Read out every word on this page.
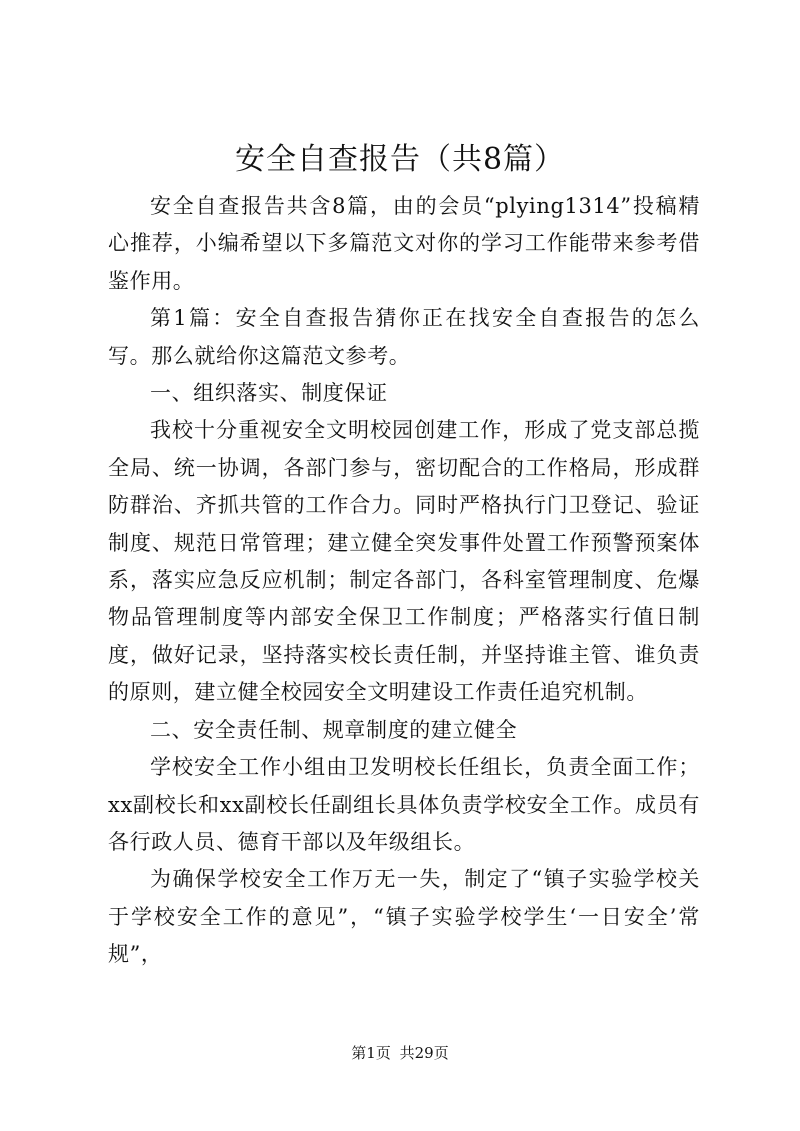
安全自查报告（共8篇）

安全自查报告共含8篇，由的会员“plying1314”投稿精心推荐，小编希望以下多篇范文对你的学习工作能带来参考借鉴作用。

第1篇：安全自查报告猜你正在找安全自查报告的怎么写。那么就给你这篇范文参考。

一、组织落实、制度保证

我校十分重视安全文明校园创建工作，形成了党支部总揽全局、统一协调，各部门参与，密切配合的工作格局，形成群防群治、齐抓共管的工作合力。同时严格执行门卫登记、验证制度、规范日常管理；建立健全突发事件处置工作预警预案体系，落实应急反应机制；制定各部门，各科室管理制度、危爆物品管理制度等内部安全保卫工作制度；严格落实行值日制度，做好记录，坚持落实校长责任制，并坚持谁主管、谁负责的原则，建立健全校园安全文明建设工作责任追究机制。

二、安全责任制、规章制度的建立健全

学校安全工作小组由卫发明校长任组长，负责全面工作；xx副校长和xx副校长任副组长具体负责学校安全工作。成员有各行政人员、德育干部以及年级组长。

为确保学校安全工作万无一失，制定了“镇子实验学校关于学校安全工作的意见”，“镇子实验学校学生‘一日安全’常规”，

第1页 共29页
